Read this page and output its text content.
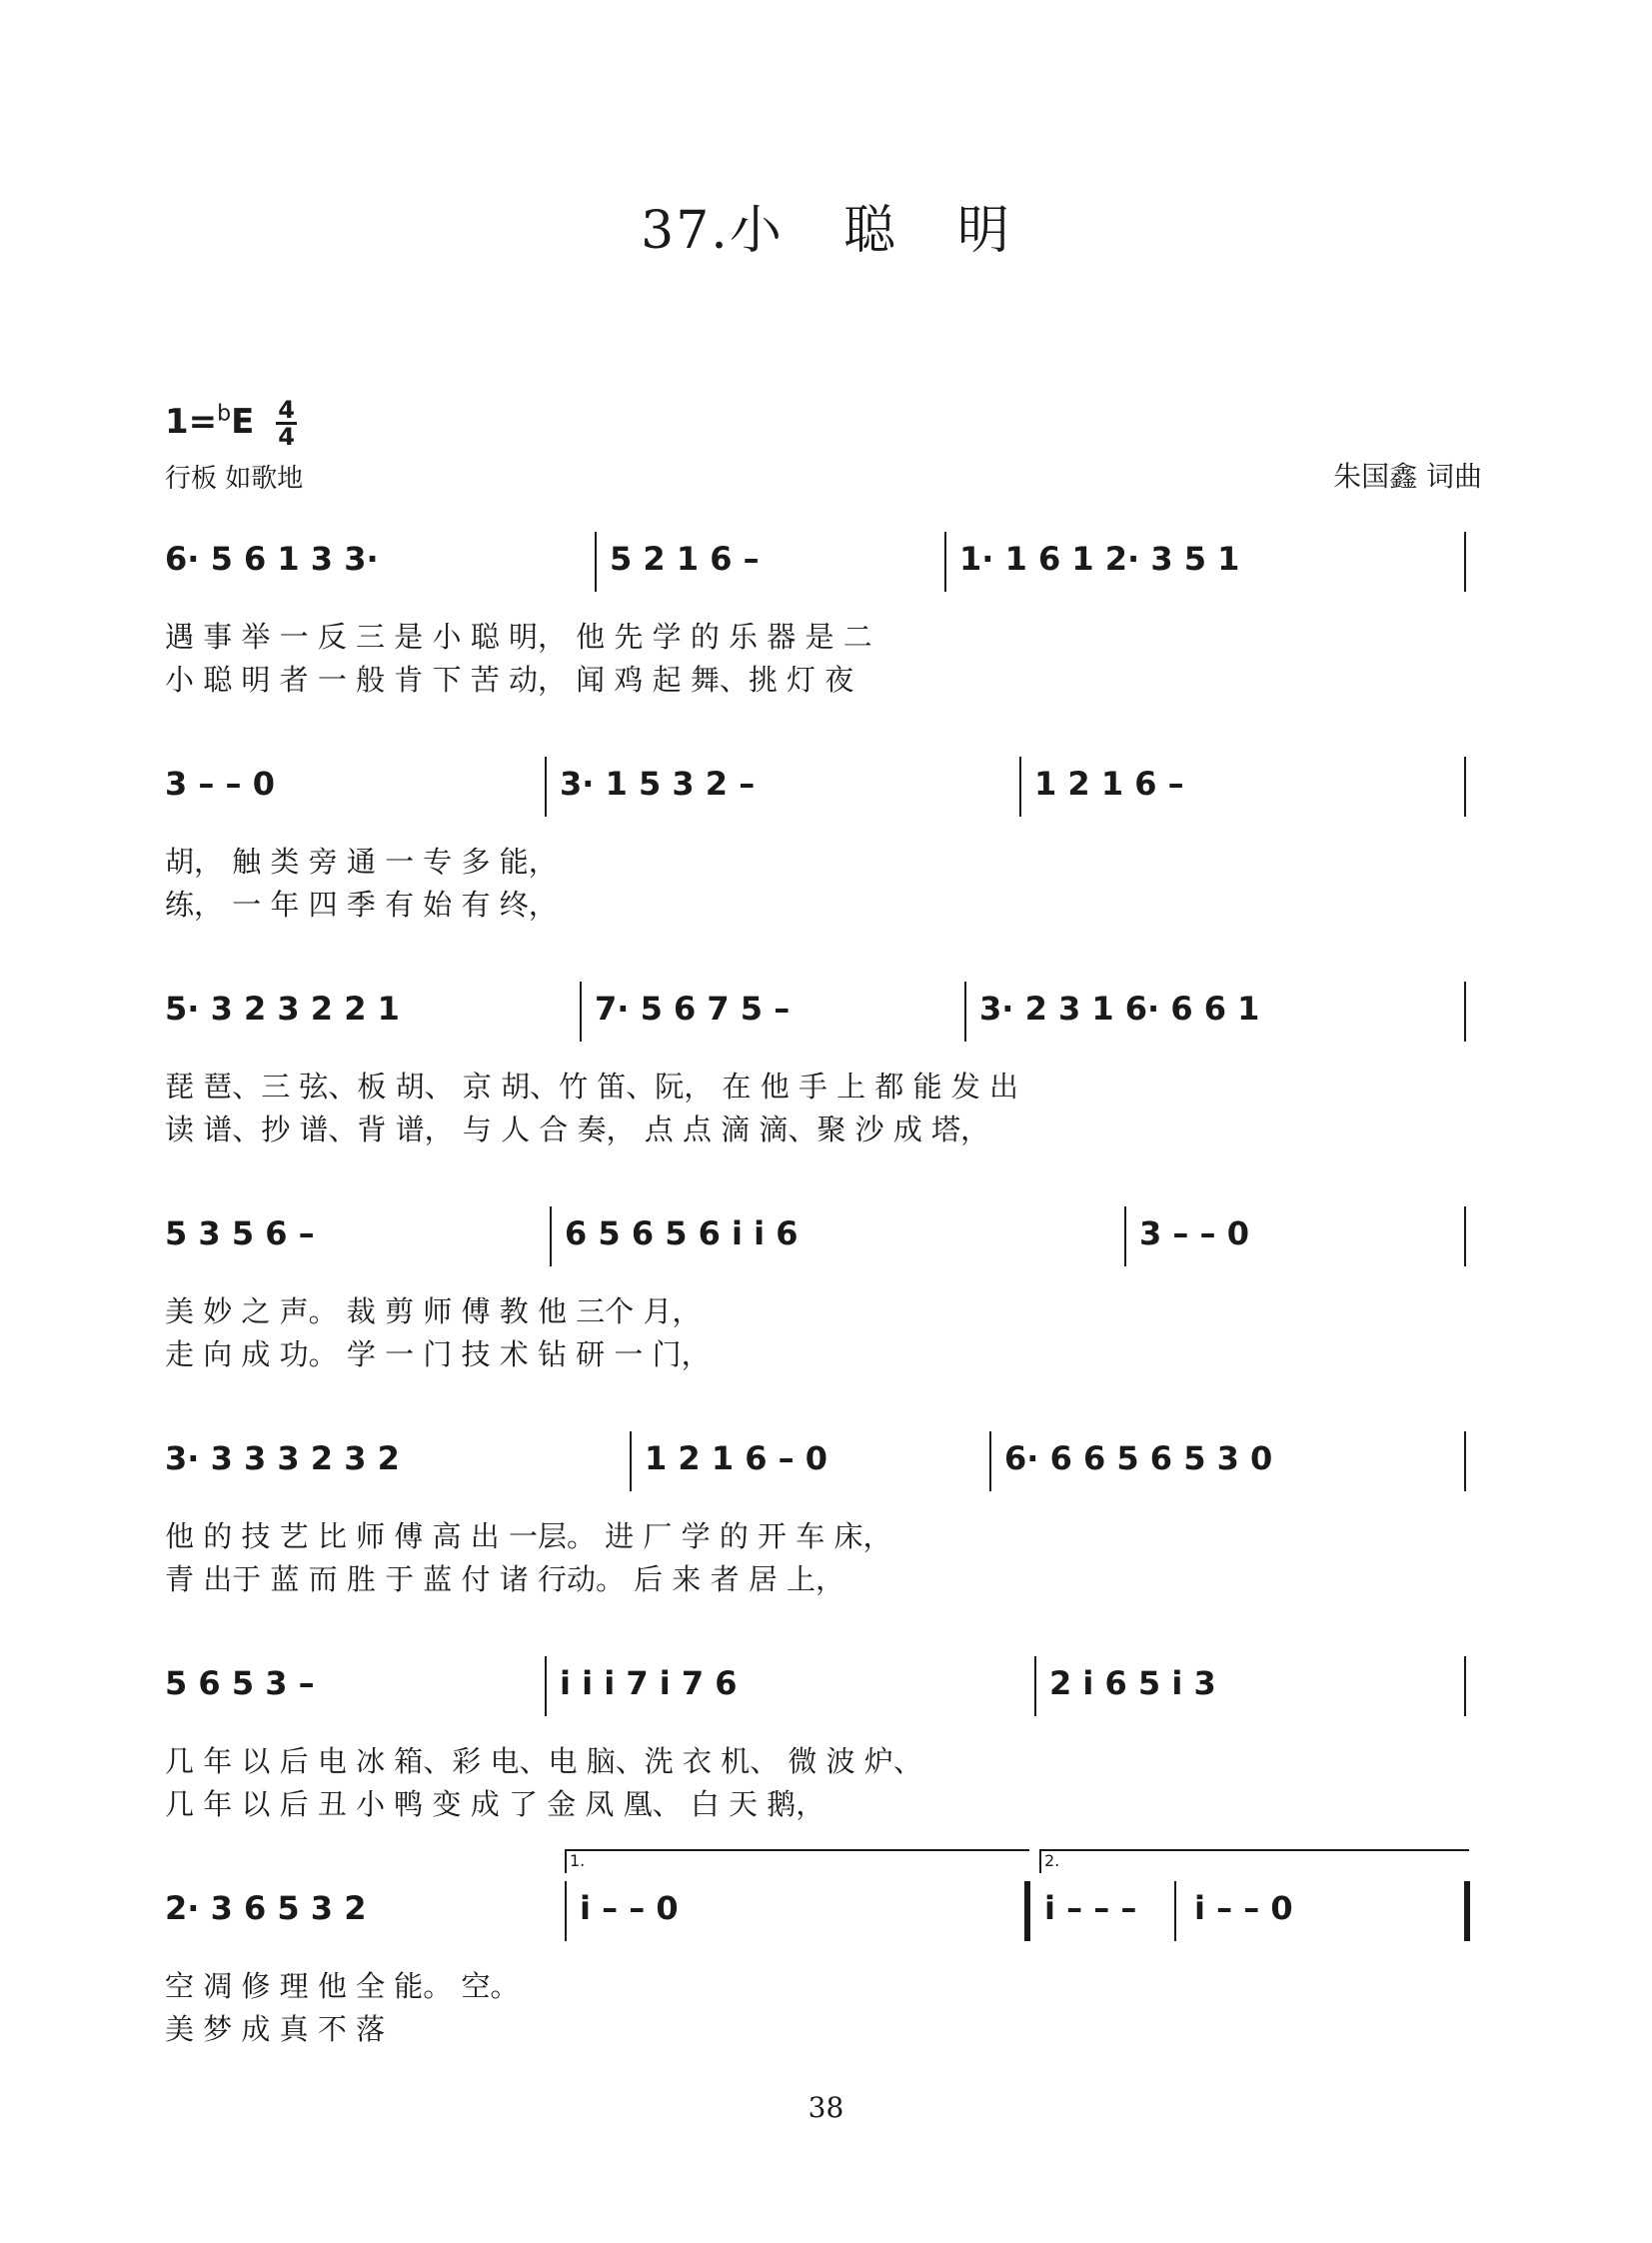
37.小 聪 明
$1=^bE \frac{4}{4}$
行板 如歌地	朱国鑫 词曲
6· 5 6 1 3 3·	5 2 1 6 –	1· 1 6 1 2· 3 5 1
遇 事 举 一 反 三 是 小 聪 明， 他 先 学 的 乐 器 是 二
小 聪 明 者 一 般 肯 下 苦 动， 闻 鸡 起 舞、挑 灯 夜
3 – – 0	3· 1 5 3 2 –	1 2 1 6 –
胡， 触 类 旁 通 一 专 多 能，
练， 一 年 四 季 有 始 有 终，
5· 3 2 3 2 2 1	7· 5 6 7 5 –	3· 2 3 1 6· 6 6 1
琵 琶、三 弦、板 胡、 京 胡、竹 笛、阮， 在 他 手 上 都 能 发 出
读 谱、抄 谱、背 谱， 与 人 合 奏， 点 点 滴 滴、聚 沙 成 塔，
5 3 5 6 –	6 5 6 5 6 i i 6	3 – – 0
美 妙 之 声。 裁 剪 师 傅 教 他 三个 月，
走 向 成 功。 学 一 门 技 术 钻 研 一 门，
3· 3 3 3 2 3 2	1 2 1 6 – 0	6· 6 6 5 6 5 3 0
他 的 技 艺 比 师 傅 高 出 一层。 进 厂 学 的 开 车 床，
青 出于 蓝 而 胜 于 蓝 付 诸 行动。 后 来 者 居 上，
5 6 5 3 –	i i i 7 i 7 6	2 i 6 5 i 3
几 年 以 后 电 冰 箱、彩 电、电 脑、洗 衣 机、 微 波 炉、
几 年 以 后 丑 小 鸭 变 成 了 金 凤 凰、 白 天 鹅，
1.	2.
2· 3 6 5 3 2	i – – 0	i – – – i – – 0
空 凋 修 理 他 全 能。 空。
美 梦 成 真 不 落
38
